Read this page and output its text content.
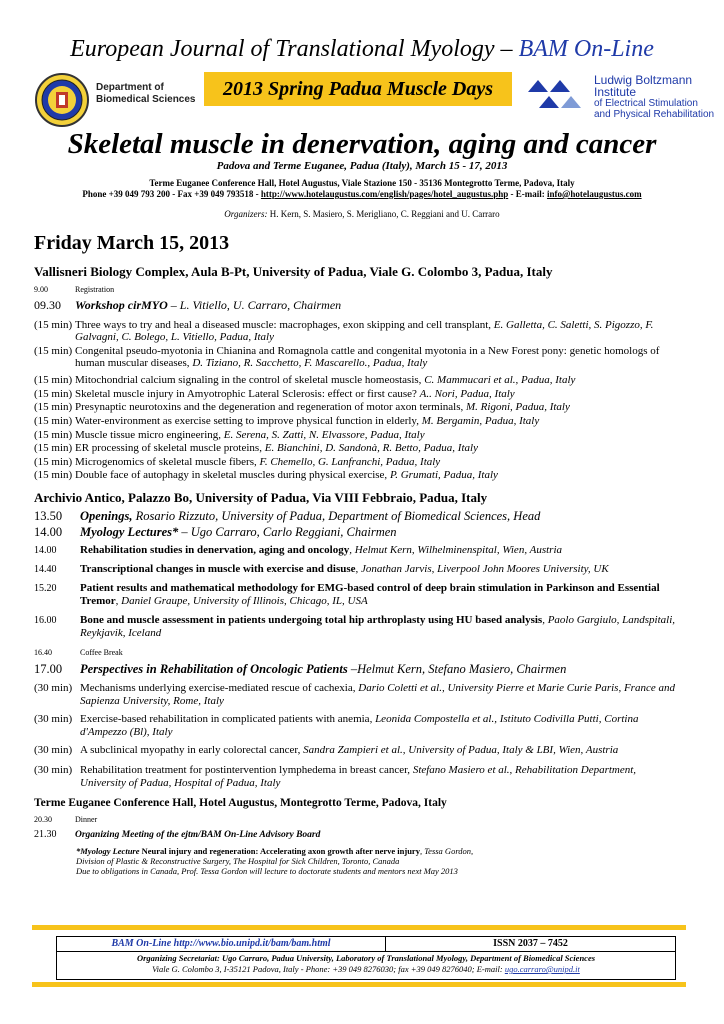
European Journal of Translational Myology – BAM On-Line
Department of
Biomedical Sciences 2013 Spring Padua Muscle Days	Ludwig Boltzmann Institute
of Electrical Stimulation
and Physical Rehabilitation
Skeletal muscle in denervation, aging and cancer
Padova and Terme Euganee, Padua (Italy), March 15 - 17, 2013
Terme Euganee Conference Hall, Hotel Augustus, Viale Stazione 150 - 35136 Montegrotto Terme, Padova, Italy
Phone +39 049 793 200 - Fax +39 049 793518 - http://www.hotelaugustus.com/english/pages/hotel_augustus.php - E-mail: info@hotelaugustus.com
Organizers: H. Kern, S. Masiero, S. Merigliano, C. Reggiani and U. Carraro
Friday March 15, 2013
Vallisneri Biology Complex, Aula B-Pt, University of Padua, Viale G. Colombo 3, Padua, Italy
9.00	Registration
09.30	Workshop cirMYO – L. Vitiello, U. Carraro, Chairmen
(15 min) Three ways to try and heal a diseased muscle: macrophages, exon skipping and cell transplant, E. Galletta, C. Saletti, S. Pigozzo, F. Galvagni, C. Bolego, L. Vitiello, Padua, Italy
(15 min) Congenital pseudo-myotonia in Chianina and Romagnola cattle and congenital myotonia in a New Forest pony: genetic homologs of human muscular diseases, D. Tiziano, R. Sacchetto, F. Mascarello., Padua, Italy
(15 min) Mitochondrial calcium signaling in the control of skeletal muscle homeostasis, C. Mammucari et al., Padua, Italy
(15 min) Skeletal muscle injury in Amyotrophic Lateral Sclerosis: effect or first cause? A.. Nori, Padua, Italy
(15 min) Presynaptic neurotoxins and the degeneration and regeneration of motor axon terminals, M. Rigoni, Padua, Italy
(15 min) Water-environment as exercise setting to improve physical function in elderly, M. Bergamin, Padua, Italy
(15 min) Muscle tissue micro engineering, E. Serena, S. Zatti, N. Elvassore, Padua, Italy
(15 min) ER processing of skeletal muscle proteins, E. Bianchini, D. Sandonà, R. Betto, Padua, Italy
(15 min) Microgenomics of skeletal muscle fibers, F. Chemello, G. Lanfranchi, Padua, Italy
(15 min) Double face of autophagy in skeletal muscles during physical exercise, P. Grumati, Padua, Italy
Archivio Antico, Palazzo Bo, University of Padua, Via VIII Febbraio, Padua, Italy
13.50	Openings, Rosario Rizzuto, University of Padua, Department of Biomedical Sciences, Head
14.00	Myology Lectures* – Ugo Carraro, Carlo Reggiani, Chairmen
14.00	Rehabilitation studies in denervation, aging and oncology, Helmut Kern, Wilhelminenspital, Wien, Austria
14.40	Transcriptional changes in muscle with exercise and disuse, Jonathan Jarvis, Liverpool John Moores University, UK
15.20	Patient results and mathematical methodology for EMG-based control of deep brain stimulation in Parkinson and Essential Tremor, Daniel Graupe, University of Illinois, Chicago, IL, USA
16.00	Bone and muscle assessment in patients undergoing total hip arthroplasty using HU based analysis, Paolo Gargiulo, Landspitali, Reykjavik, Iceland
16.40	Coffee Break
17.00	Perspectives in Rehabilitation of Oncologic Patients –Helmut Kern, Stefano Masiero, Chairmen
(30 min) Mechanisms underlying exercise-mediated rescue of cachexia, Dario Coletti et al., University Pierre et Marie Curie Paris, France and Sapienza University, Rome, Italy
(30 min) Exercise-based rehabilitation in complicated patients with anemia, Leonida Compostella et al., Istituto Codivilla Putti, Cortina d'Ampezzo (Bl), Italy
(30 min) A subclinical myopathy in early colorectal cancer, Sandra Zampieri et al., University of Padua, Italy & LBI, Wien, Austria
(30 min) Rehabilitation treatment for postintervention lymphedema in breast cancer, Stefano Masiero et al., Rehabilitation Department, University of Padua, Hospital of Padua, Italy
Terme Euganee Conference Hall, Hotel Augustus, Montegrotto Terme, Padova, Italy
20.30	Dinner
21.30	Organizing Meeting of the ejtm/BAM On-Line Advisory Board
*Myology Lecture Neural injury and regeneration: Accelerating axon growth after nerve injury, Tessa Gordon,
Division of Plastic & Reconstructive Surgery, The Hospital for Sick Children, Toronto, Canada
Due to obligations in Canada, Prof. Tessa Gordon will lecture to doctorate students and mentors next May 2013
BAM On-Line http://www.bio.unipd.it/bam/bam.html	ISSN 2037 – 7452
Organizing Secretariat: Ugo Carraro, Padua University, Laboratory of Translational Myology, Department of Biomedical Sciences
Viale G. Colombo 3, I-35121 Padova, Italy - Phone: +39 049 8276030; fax +39 049 8276040; E-mail: ugo.carraro@unipd.it
